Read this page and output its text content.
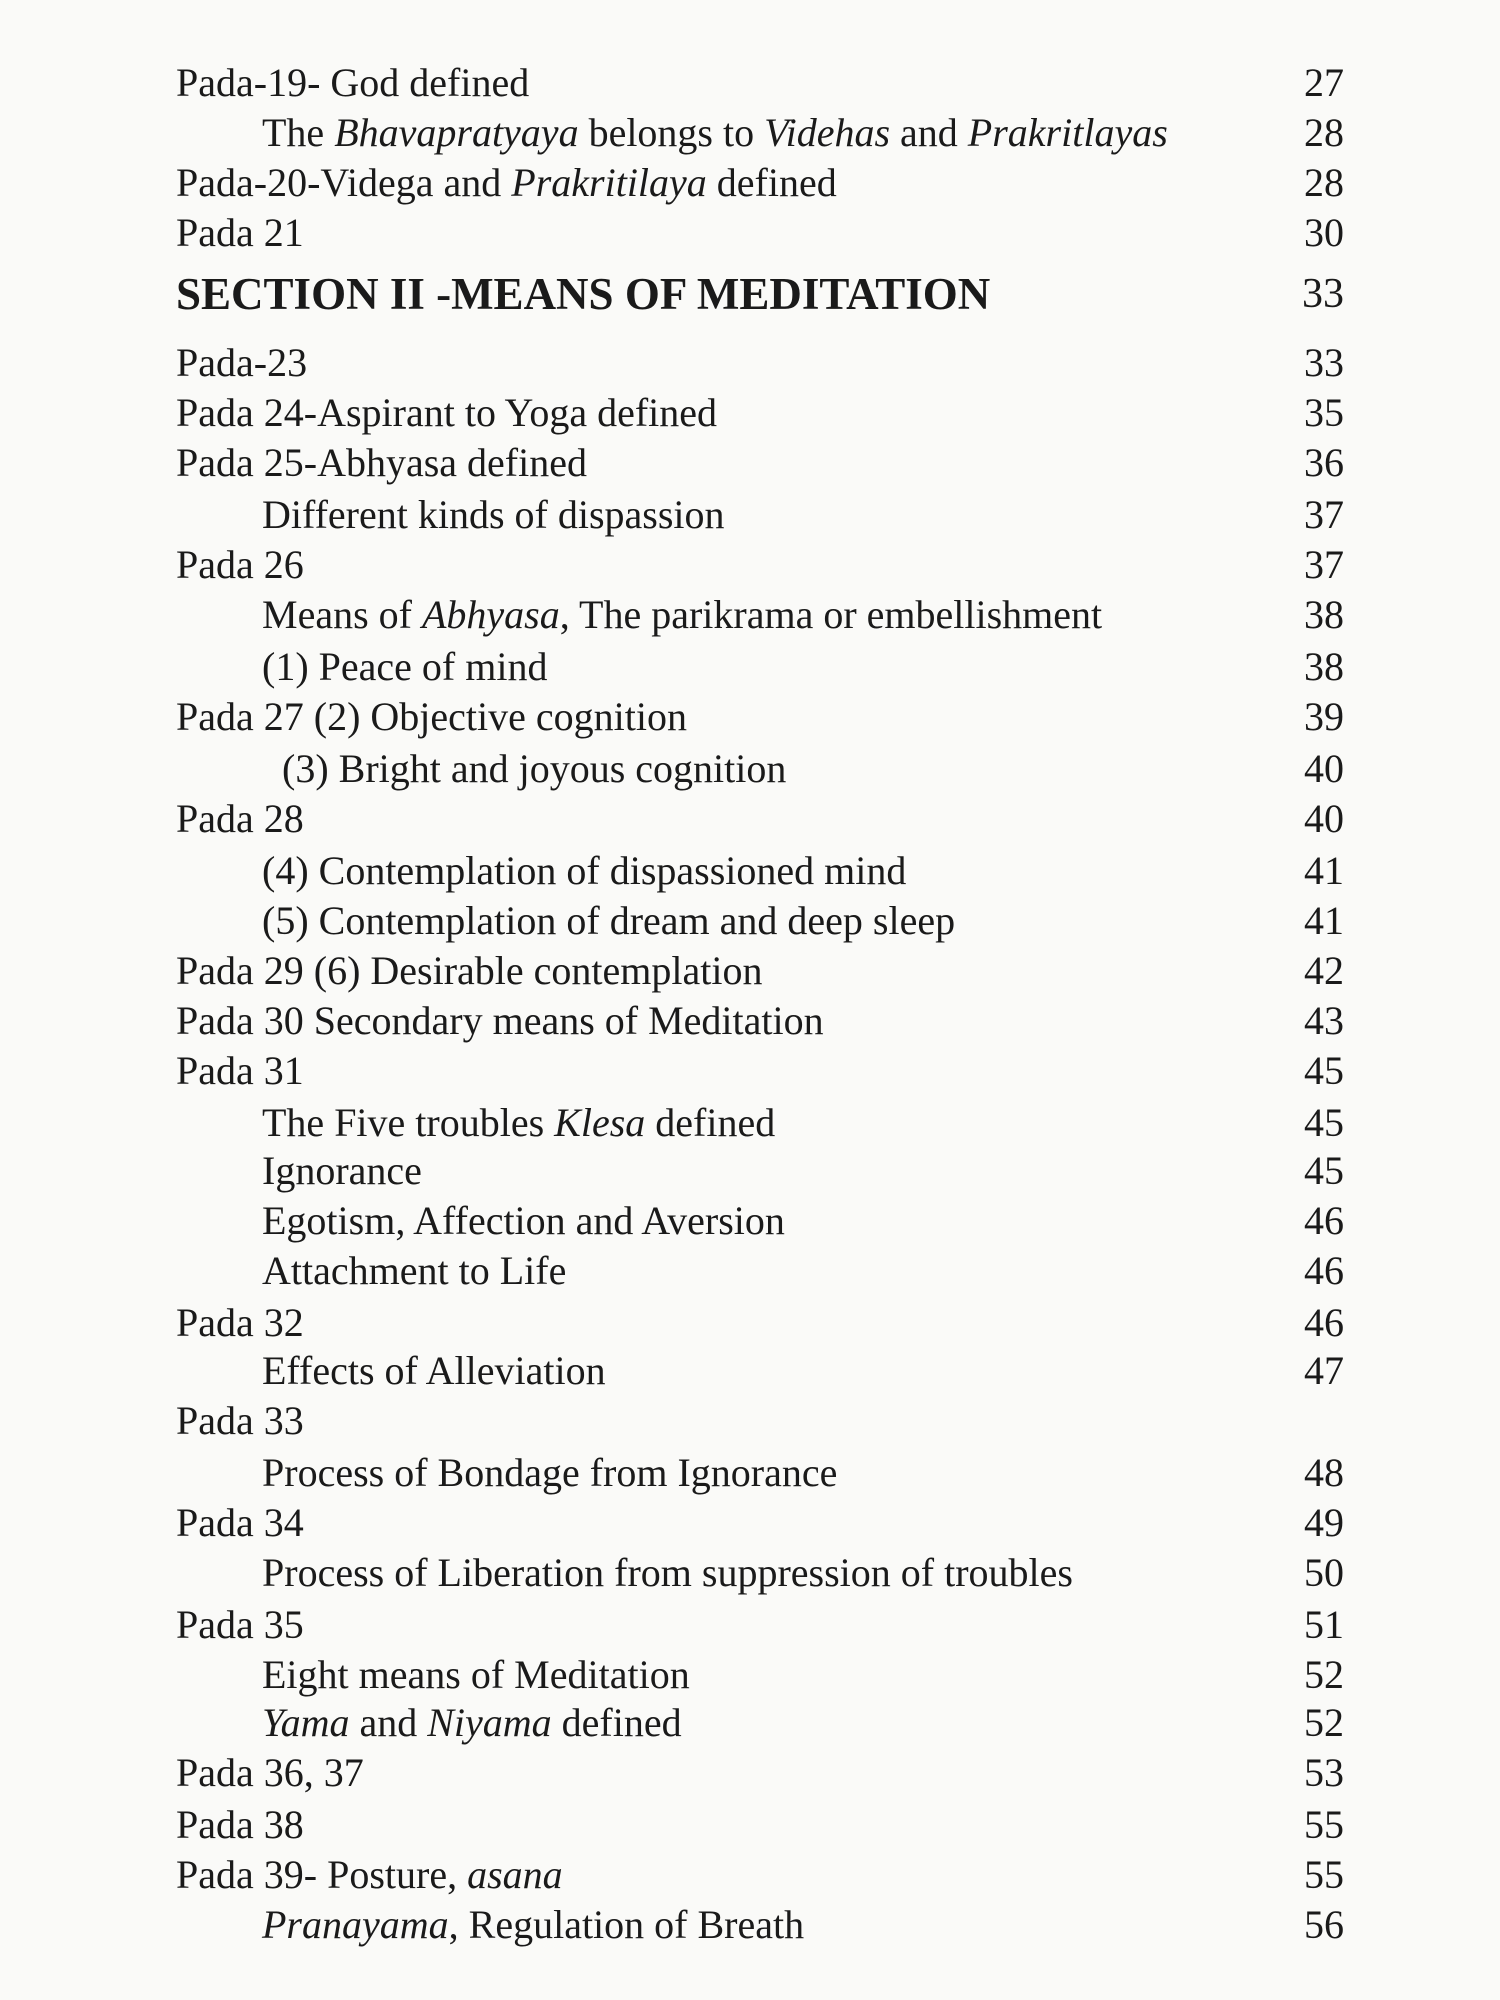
Pada-19- God defined	27
The Bhavapratyaya belongs to Videhas and Prakritlayas	28
Pada-20-Videga and Prakritilaya defined	28
Pada 21	30
SECTION II -MEANS OF MEDITATION	33
Pada-23	33
Pada 24-Aspirant to Yoga defined	35
Pada 25-Abhyasa defined	36
Different kinds of dispassion	37
Pada 26	37
Means of Abhyasa, The parikrama or embellishment	38
(1) Peace of mind	38
Pada 27 (2) Objective cognition	39
(3) Bright and joyous cognition	40
Pada 28	40
(4) Contemplation of dispassioned mind	41
(5) Contemplation of dream and deep sleep	41
Pada 29 (6) Desirable contemplation	42
Pada 30 Secondary means of Meditation	43
Pada 31	45
The Five troubles Klesa defined	45
Ignorance	45
Egotism, Affection and Aversion	46
Attachment to Life	46
Pada 32	46
Effects of Alleviation	47
Pada 33
Process of Bondage from Ignorance	48
Pada 34	49
Process of Liberation from suppression of troubles	50
Pada 35	51
Eight means of Meditation	52
Yama and Niyama defined	52
Pada 36, 37	53
Pada 38	55
Pada 39- Posture, asana	55
Pranayama, Regulation of Breath	56
